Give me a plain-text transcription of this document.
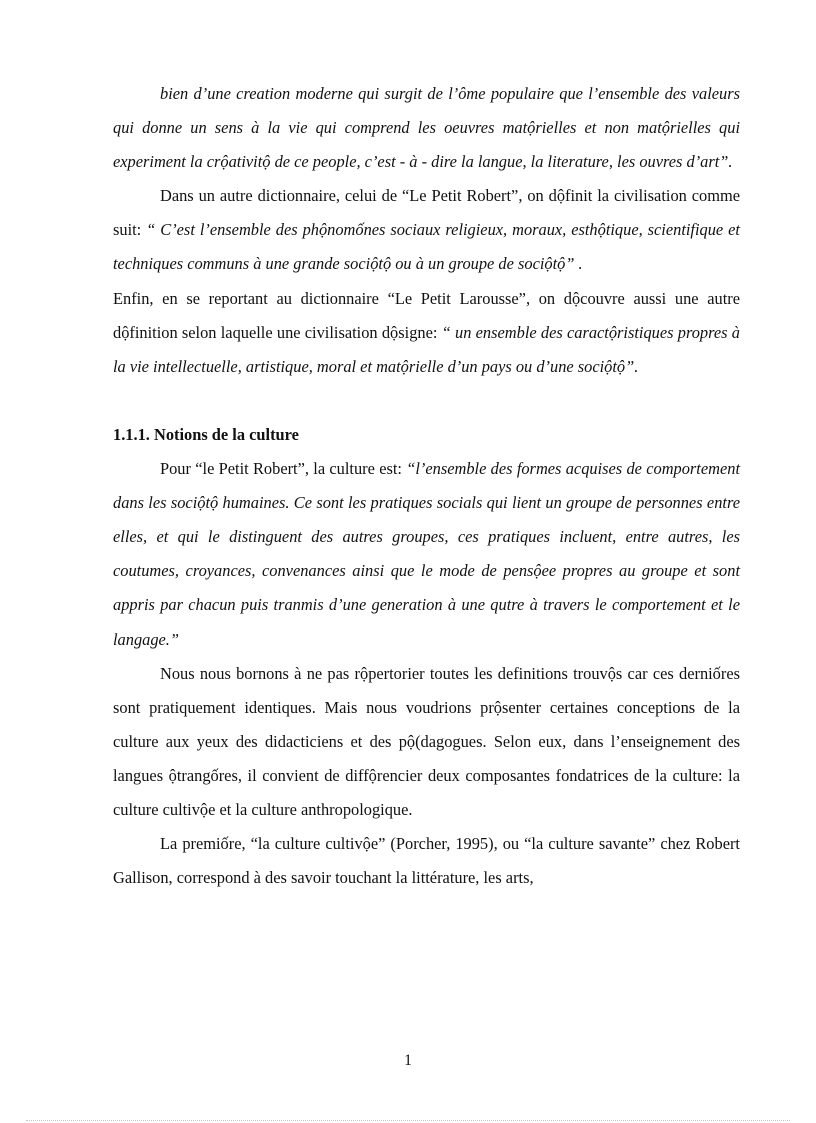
bien d’une creation moderne qui surgit de l’ôme populaire que l’ensemble des valeurs qui donne un sens à la vie qui comprend les oeuvres matộrielles et non matộrielles qui experiment la crộativitộ de ce people, c’est - à - dire la langue, la literature, les ouvres d’art”.

Dans un autre dictionnaire, celui de “Le Petit Robert”, on dộfinit la civilisation comme suit: “ C’est l’ensemble des phộnomốnes sociaux religieux, moraux, esthộtique, scientifique et techniques communs à une grande sociộtộ ou à un groupe de sociộtộ” .

Enfin, en se reportant au dictionnaire “Le Petit Larousse”, on dộcouvre aussi une autre dộfinition selon laquelle une civilisation dộsigne: “ un ensemble des caractộristiques propres à la vie intellectuelle, artistique, moral et matộrielle d’un pays ou d’une sociộtộ”.

1.1.1. Notions de la culture

Pour “le Petit Robert”, la culture est: “l’ensemble des formes acquises de comportement dans les sociộtộ humaines. Ce sont les pratiques socials qui lient un groupe de personnes entre elles, et qui le distinguent des autres groupes, ces pratiques incluent, entre autres, les coutumes, croyances, convenances ainsi que le mode de pensộee propres au groupe et sont appris par chacun puis tranmis d’une generation à une qutre à travers le comportement et le langage.”

Nous nous bornons à ne pas rộpertorier toutes les definitions trouvộs car ces derniốres sont pratiquement identiques. Mais nous voudrions prộsenter certaines conceptions de la culture aux yeux des didacticiens et des pộ(dagogues. Selon eux, dans l’enseignement des langues ộtrangốres, il convient de diffộrencier deux composantes fondatrices de la culture: la culture cultivộe et la culture anthropologique.

La premiốre, “la culture cultivộe” (Porcher, 1995), ou “la culture savante” chez Robert Gallison, correspond à des savoir touchant la littérature, les arts,

1
